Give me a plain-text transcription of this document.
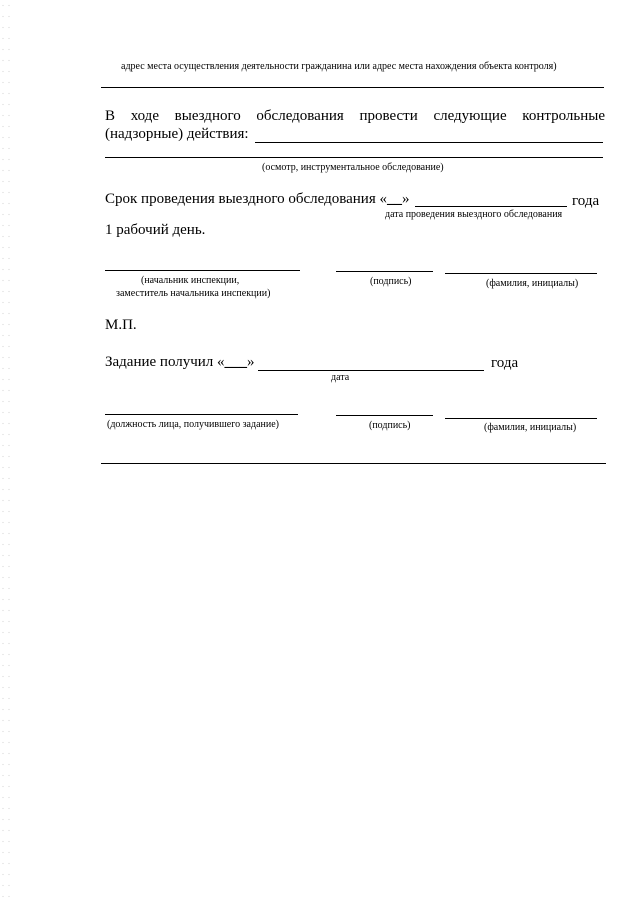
адрес места осуществления деятельности гражданина или адрес места нахождения объекта контроля)
В ходе выездного обследования провести следующие контрольные
(надзорные) действия:
(осмотр, инструментальное обследование)
Срок проведения выездного обследования «__»	года
дата проведения выездного обследования
1 рабочий день.
(начальник инспекции,
заместитель начальника инспекции)
(подпись)	(фамилия, инициалы)
М.П.
Задание получил «___»	года
дата
(должность лица, получившего задание)	(подпись)	(фамилия, инициалы)
